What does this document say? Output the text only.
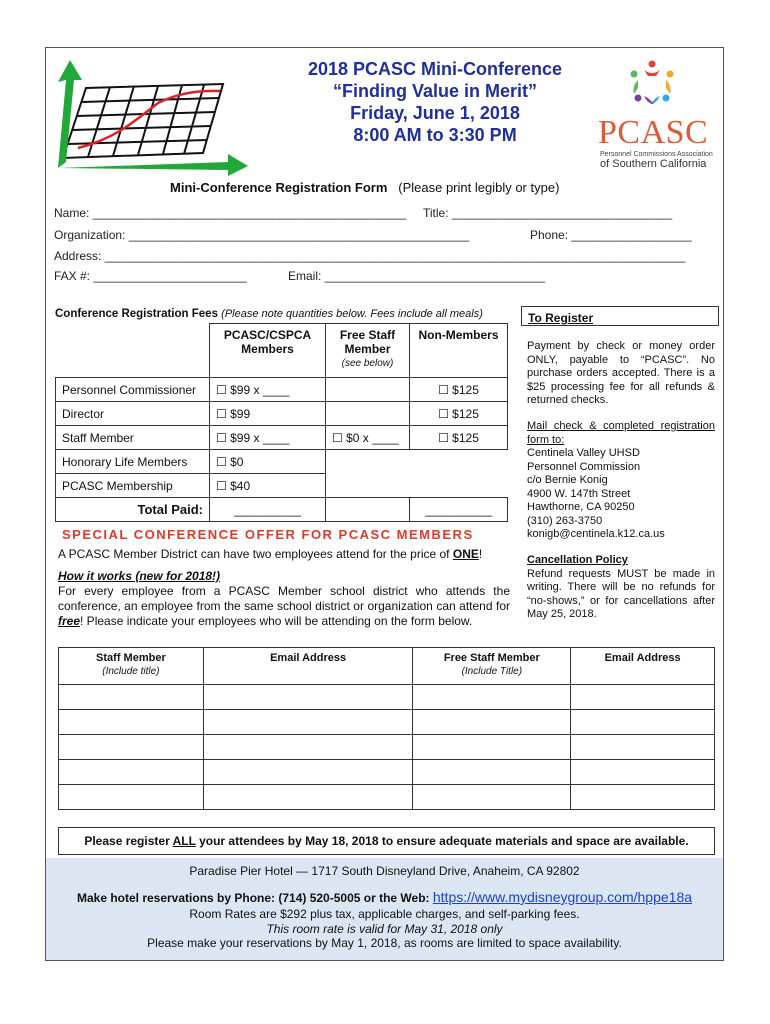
2018 PCASC Mini-Conference
“Finding Value in Merit”
Friday, June 1, 2018
8:00 AM to 3:30 PM	PCASC
Personnel Commissions Association
of Southern California
Mini-Conference Registration Form (Please print legibly or type)
Name: _______________________________________________ Title: _________________________________
Organization: ___________________________________________________	Phone: __________________
Address: _______________________________________________________________________________________
FAX #: _______________________	Email: _________________________________
Conference Registration Fees (Please note quantities below. Fees include all meals)
	PCASC/CSPCA
Members	Free Staff
Member
(see below)	Non-Members
Personnel Commissioner	☐ $99 x ____		☐ $125
Director	☐ $99		☐ $125
Staff Member	☐ $99 x ____	☐ $0 x ____	☐ $125
Honorary Life Members	☐ $0		
PCASC Membership	☐ $40		
Total Paid:	__________		__________
To Register
Payment by check or money order ONLY, payable to “PCASC”. No purchase orders accepted. There is a $25 processing fee for all refunds & returned checks.
Mail check & completed registration form to:
Centinela Valley UHSD
Personnel Commission
c/o Bernie Konig
4900 W. 147th Street
Hawthorne, CA 90250
(310) 263-3750
konigb@centinela.k12.ca.us
Cancellation Policy
Refund requests MUST be made in writing. There will be no refunds for “no-shows,” or for cancellations after May 25, 2018.
SPECIAL CONFERENCE OFFER FOR PCASC MEMBERS
A PCASC Member District can have two employees attend for the price of ONE!
How it works (new for 2018!)
For every employee from a PCASC Member school district who attends the conference, an employee from the same school district or organization can attend for free! Please indicate your employees who will be attending on the form below.
Staff Member
(Include title)	Email Address	Free Staff Member
(Include Title)	Email Address

Please register ALL your attendees by May 18, 2018 to ensure adequate materials and space are available.
Paradise Pier Hotel — 1717 South Disneyland Drive, Anaheim, CA 92802
Make hotel reservations by Phone: (714) 520-5005 or the Web: https://www.mydisneygroup.com/hppe18a
Room Rates are $292 plus tax, applicable charges, and self-parking fees.
This room rate is valid for May 31, 2018 only
Please make your reservations by May 1, 2018, as rooms are limited to space availability.
